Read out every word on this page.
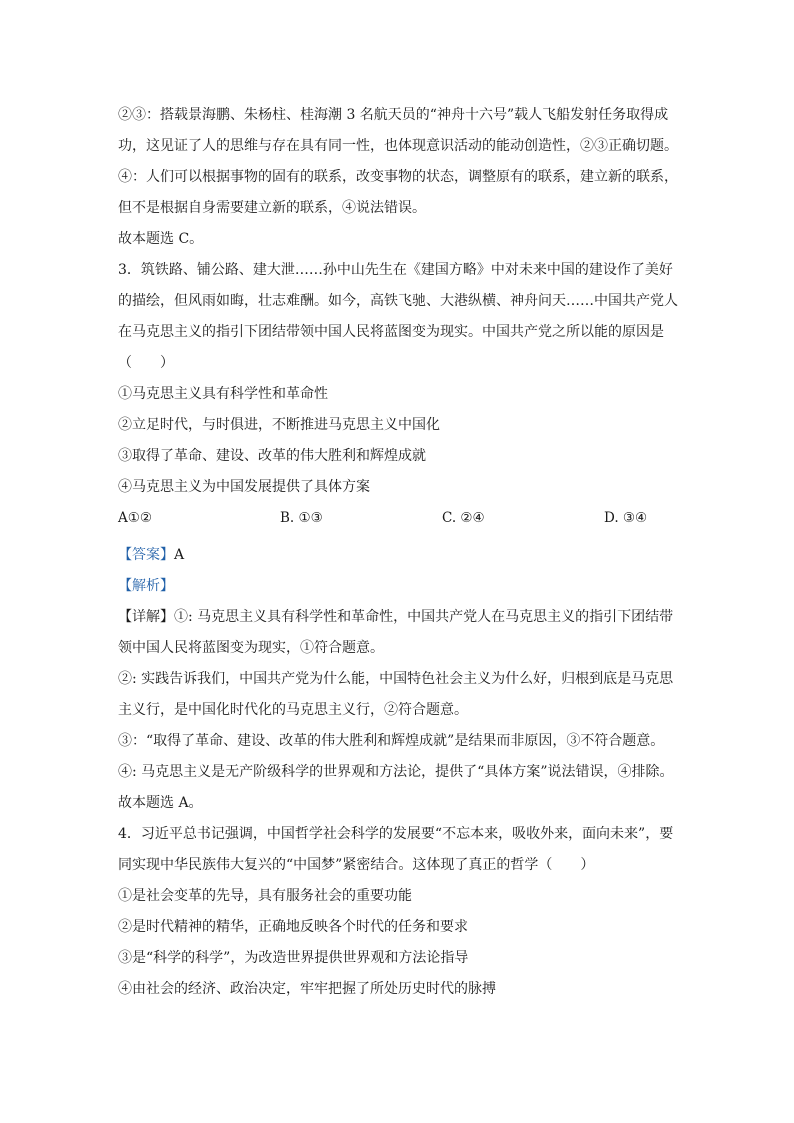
②③：搭载景海鹏、朱杨柱、桂海潮 3 名航天员的“神舟十六号”载人飞船发射任务取得成
功，这见证了人的思维与存在具有同一性，也体现意识活动的能动创造性，②③正确切题。
④：人们可以根据事物的固有的联系，改变事物的状态，调整原有的联系，建立新的联系，
但不是根据自身需要建立新的联系，④说法错误。
故本题选 C。
3．筑铁路、铺公路、建大泄……孙中山先生在《建国方略》中对未来中国的建设作了美好
的描绘，但风雨如晦，壮志难酬。如今，高铁飞驰、大港纵横、神舟问天……中国共产党人
在马克思主义的指引下团结带领中国人民将蓝图变为现实。中国共产党之所以能的原因是
（　　）
①马克思主义具有科学性和革命性
②立足时代，与时俱进，不断推进马克思主义中国化
③取得了革命、建设、改革的伟大胜利和辉煌成就
④马克思主义为中国发展提供了具体方案
A①②	B. ①③	C. ②④	D. ③④
【答案】A
【解析】
【详解】①: 马克思主义具有科学性和革命性，中国共产党人在马克思主义的指引下团结带
领中国人民将蓝图变为现实，①符合题意。
②: 实践告诉我们，中国共产党为什么能，中国特色社会主义为什么好，归根到底是马克思
主义行，是中国化时代化的马克思主义行，②符合题意。
③：“取得了革命、建设、改革的伟大胜利和辉煌成就”是结果而非原因，③不符合题意。
④: 马克思主义是无产阶级科学的世界观和方法论，提供了“具体方案”说法错误，④排除。
故本题选 A。
4．习近平总书记强调，中国哲学社会科学的发展要“不忘本来，吸收外来，面向未来”，要
同实现中华民族伟大复兴的“中国梦”紧密结合。这体现了真正的哲学（　　）
①是社会变革的先导，具有服务社会的重要功能
②是时代精神的精华，正确地反映各个时代的任务和要求
③是“科学的科学”，为改造世界提供世界观和方法论指导
④由社会的经济、政治决定，牢牢把握了所处历史时代的脉搏
